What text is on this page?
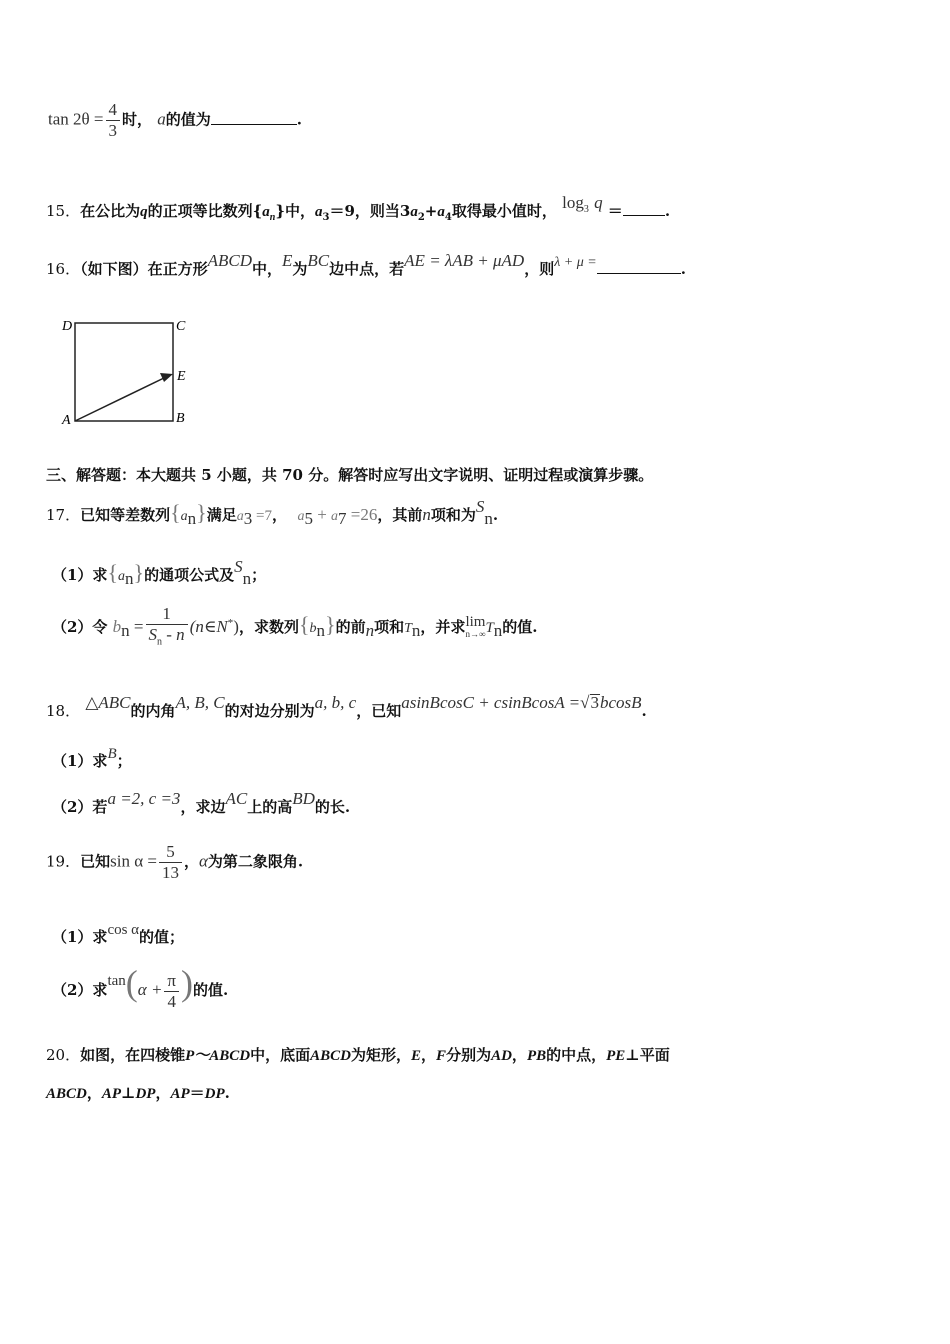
$\tan 2\theta = \frac{4}{3}$ 时， a的值为	.
15．在公比为q的正项等比数列$\{a_n\}$中，$a_3=9$，则当$3a_2+a_4$取得最小值时， $\log_3 q$ ＝	.
16．（如下图）在正方形ABCD中，E为BC边中点，若AE = λAB + μAD，则λ + μ =	.
D	C
E
A	B
三、解答题：本大题共 5 小题，共 70 分。解答时应写出文字说明、证明过程或演算步骤。
17．已知等差数列$\{a_n\}$满足$a_3 =7$， $a_5 + a_7 =26$，其前n项和为$S_n$.
（1）求$\{a_n\}$的通项公式及$S_n$；
（2）令 $b_n = \frac{1}{S_n - n}$ (n∈N*)，求数列$\{b_n\}$的前n项和$T_n$，并求 lim
n→∞ $T_n$的值.
18． △ABC的内角A, B, C的对边分别为a, b, c，已知asinBcosC + csinBcosA =√3bcosB.
（1）求B；
（2）若a =2, c =3，求边AC上的高BD的长.
19．已知$\sin \alpha = \frac{5}{13}$ ，α为第二象限角.
（1）求cos α的值；
（2）求$\tan(\alpha + \frac{\pi}{4}$ )的值.
20．如图，在四棱锥P～ABCD中，底面ABCD为矩形，E，F分别为AD，PB的中点，PE⊥平面
ABCD，AP⊥DP，AP＝DP.
